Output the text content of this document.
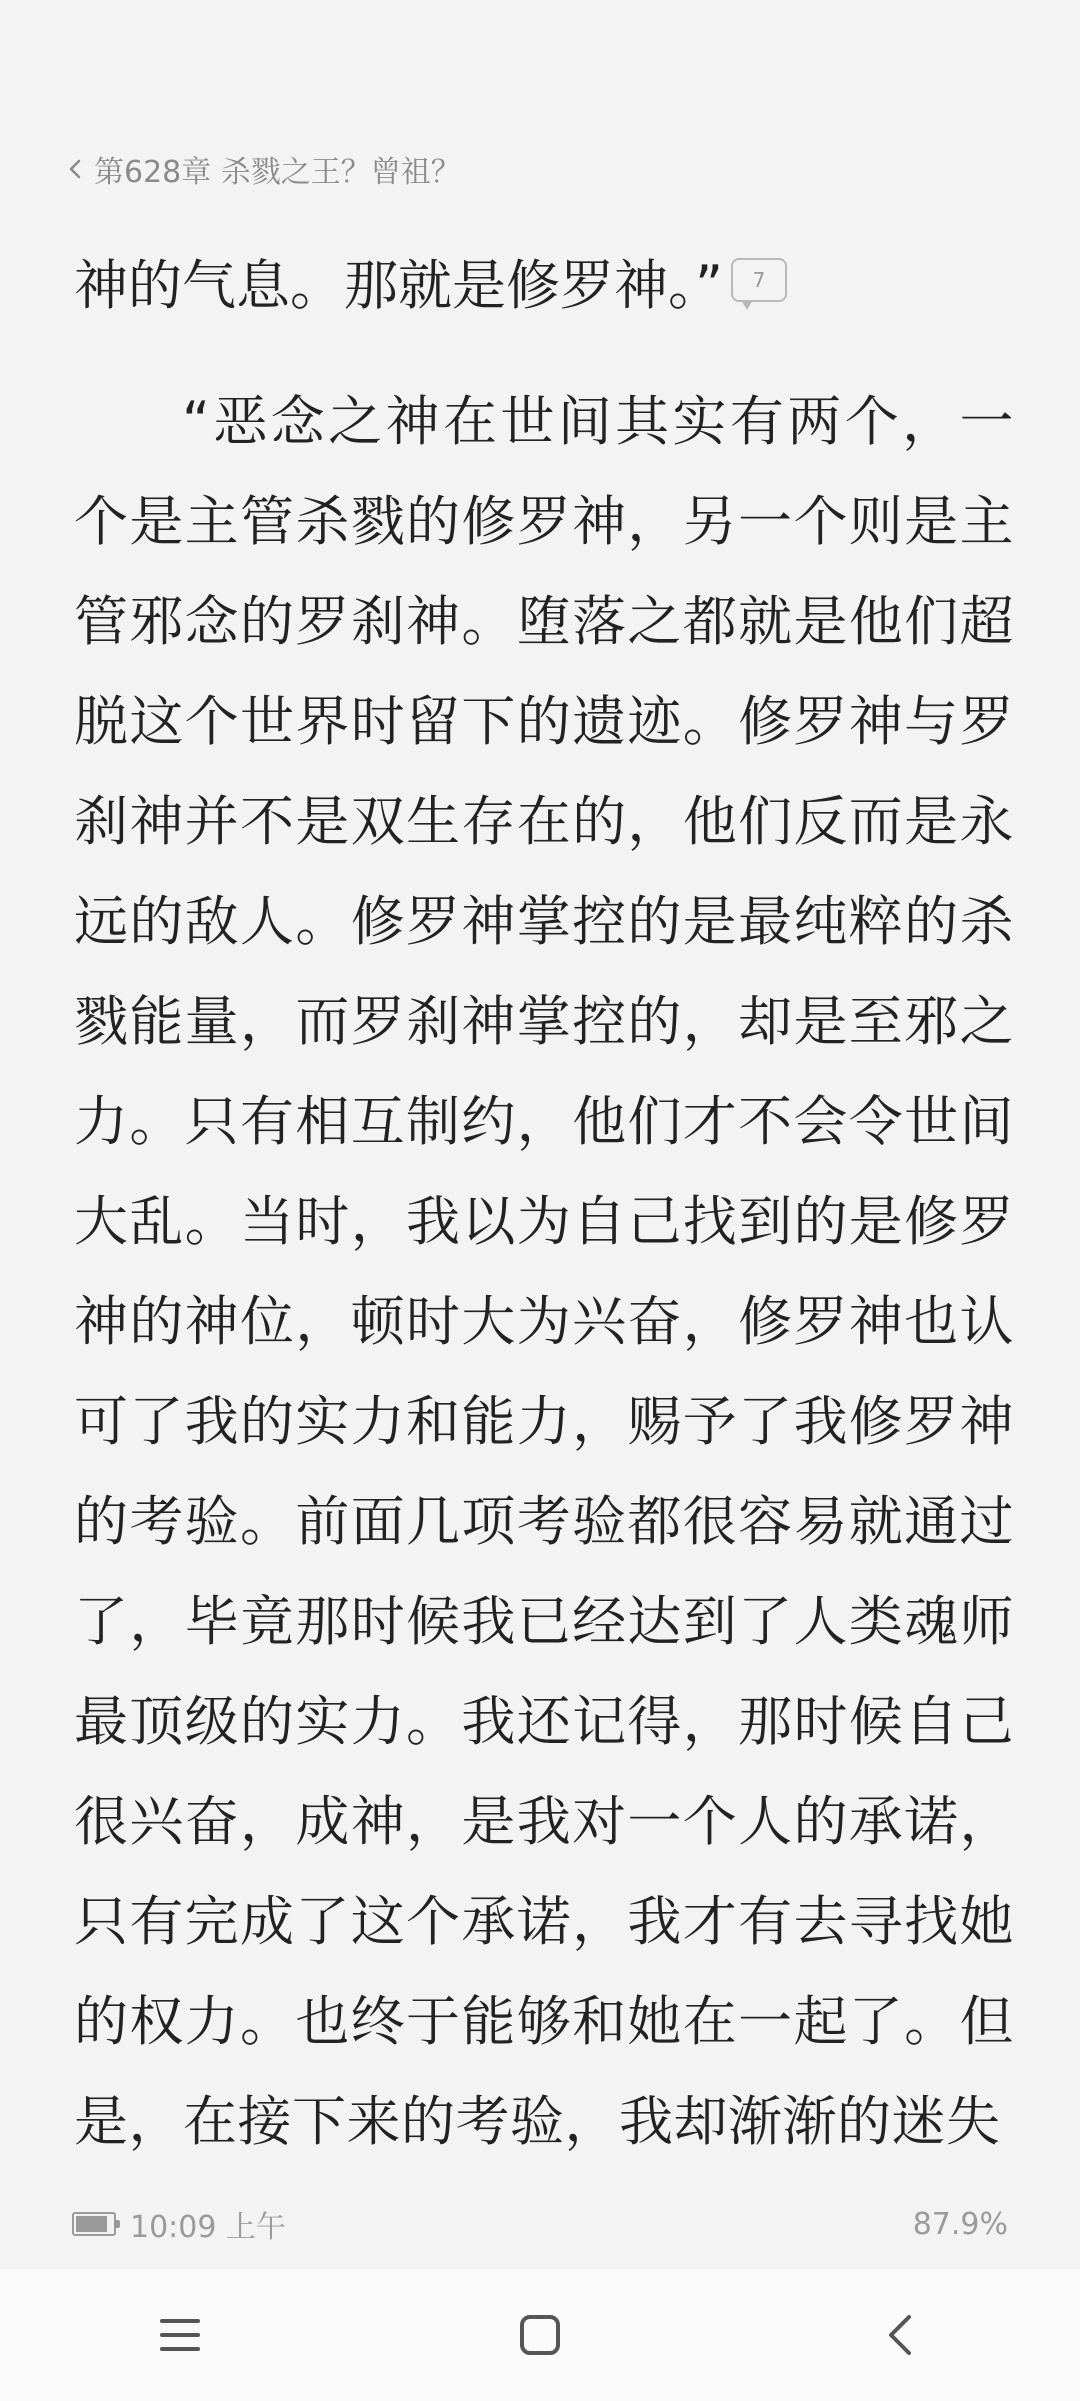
第628章 杀戮之王？曾祖？
神的气息。那就是修罗神。” 7
“恶念之神在世间其实有两个，一个是主管杀戮的修罗神，另一个则是主管邪念的罗刹神。堕落之都就是他们超脱这个世界时留下的遗迹。修罗神与罗刹神并不是双生存在的，他们反而是永远的敌人。修罗神掌控的是最纯粹的杀戮能量，而罗刹神掌控的，却是至邪之力。只有相互制约，他们才不会令世间大乱。当时，我以为自己找到的是修罗神的神位，顿时大为兴奋，修罗神也认可了我的实力和能力，赐予了我修罗神的考验。前面几项考验都很容易就通过了，毕竟那时候我已经达到了人类魂师最顶级的实力。我还记得，那时候自己很兴奋，成神，是我对一个人的承诺，只有完成了这个承诺，我才有去寻找她的权力。也终于能够和她在一起了。但是，在接下来的考验，我却渐渐的迷失
10:09 上午	87.9%
